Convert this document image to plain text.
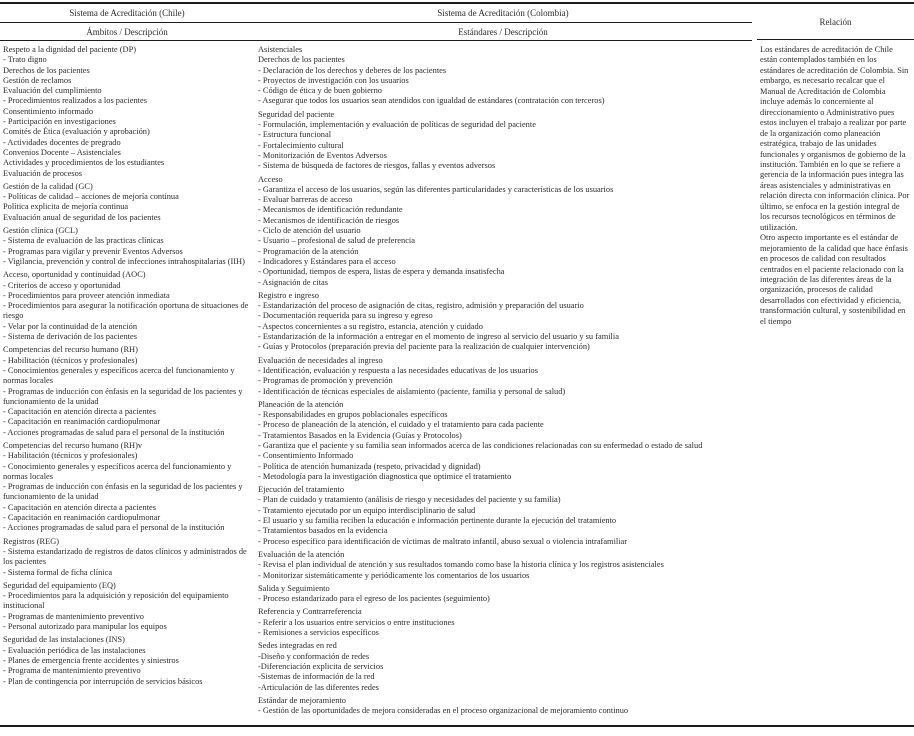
Sistema de Acreditación (Chile)	Sistema de Acreditación (Colombia)
Ámbitos / Descripción	Estándares / Descripción
Relación
Respeto a la dignidad del paciente (DP)
- Trato digno
Derechos de los pacientes
Gestión de reclamos
Evaluación del cumplimiento
- Procedimientos realizados a los pacientes
Consentimiento informado
- Participación en investigaciones
Comités de Ética (evaluación y aprobación)
- Actividades docentes de pregrado
Convenios Docente – Asistenciales
Actividades y procedimientos de los estudiantes
Evaluación de procesos
Gestión de la calidad (GC)
- Políticas de calidad – acciones de mejoría continua
Política explicita de mejoría continua
Evaluación anual de seguridad de los pacientes
Gestión clínica (GCL)
- Sistema de evaluación de las practicas clínicas
- Programas para vigilar y prevenir Eventos Adversos
- Vigilancia, prevención y control de infecciones intrahospitalarias (IIH)
Acceso, oportunidad y continuidad (AOC)
- Criterios de acceso y oportunidad
- Procedimientos para proveer atención inmediata
- Procedimientos para asegurar la notificación oportuna de situaciones de riesgo
- Velar por la continuidad de la atención
- Sistema de derivación de los pacientes
Competencias del recurso humano (RH)
- Habilitación (técnicos y profesionales)
- Conocimientos generales y específicos acerca del funcionamiento y normas locales
- Programas de inducción con énfasis en la seguridad de los pacientes y funcionamiento de la unidad
- Capacitación en atención directa a pacientes
- Capacitación en reanimación cardiopulmonar
- Acciones programadas de salud para el personal de la institución
Competencias del recurso humano (RH)v
- Habilitación (técnicos y profesionales)
- Conocimiento generales y específicos acerca del funcionamiento y normas locales
- Programas de inducción con énfasis en la seguridad de los pacientes y funcionamiento de la unidad
- Capacitación en atención directa a pacientes
- Capacitación en reanimación cardiopulmonar
- Acciones programadas de salud para el personal de la institución
Registros (REG)
- Sistema estandarizado de registros de datos clínicos y administrados de los pacientes
- Sistema formal de ficha clínica
Seguridad del equipamiento (EQ)
- Procedimientos para la adquisición y reposición del equipamiento institucional
- Programas de mantenimiento preventivo
- Personal autorizado para manipular los equipos
Seguridad de las instalaciones (INS)
- Evaluación periódica de las instalaciones
- Planes de emergencia frente accidentes y siniestros
- Programa de mantenimiento preventivo
- Plan de contingencia por interrupción de servicios básicos
Asistenciales
Derechos de los pacientes
- Declaración de los derechos y deberes de los pacientes
- Proyectos de investigación con los usuarios
- Código de ética y de buen gobierno
- Asegurar que todos los usuarios sean atendidos con igualdad de estándares (contratación con terceros)
Seguridad del paciente
- Formulación, implementación y evaluación de políticas de seguridad del paciente
- Estructura funcional
- Fortalecimiento cultural
- Monitorización de Eventos Adversos
- Sistema de búsqueda de factores de riesgos, fallas y eventos adversos
Acceso
- Garantiza el acceso de los usuarios, según las diferentes particularidades y características de los usuarios
- Evaluar barreras de acceso
- Mecanismos de identificación redundante
- Mecanismos de identificación de riesgos
- Ciclo de atención del usuario
- Usuario – profesional de salud de preferencia
- Programación de la atención
- Indicadores y Estándares para el acceso
- Oportunidad, tiempos de espera, listas de espera y demanda insatisfecha
- Asignación de citas
Registro e ingreso
- Estandarización del proceso de asignación de citas, registro, admisión y preparación del usuario
- Documentación requerida para su ingreso y egreso
- Aspectos concernientes a su registro, estancia, atención y cuidado
- Estandarización de la información a entregar en el momento de ingreso al servicio del usuario y su familia
- Guías y Protocolos (preparación previa del paciente para la realización de cualquier intervención)
Evaluación de necesidades al ingreso
- Identificación, evaluación y respuesta a las necesidades educativas de los usuarios
- Programas de promoción y prevención
- Identificación de técnicas especiales de aislamiento (paciente, familia y personal de salud)
Planeación de la atención
- Responsabilidades en grupos poblacionales específicos
- Proceso de planeación de la atención, el cuidado y el tratamiento para cada paciente
- Tratamientos Basados en la Evidencia (Guías y Protocolos)
- Garantiza que el paciente y su familia sean informados acerca de las condiciones relacionadas con su enfermedad o estado de salud
- Consentimiento Informado
- Política de atención humanizada (respeto, privacidad y dignidad)
- Metodología para la investigación diagnostica que optimice el tratamiento
Ejecución del tratamiento
- Plan de cuidado y tratamiento (análisis de riesgo y necesidades del paciente y su familia)
- Tratamiento ejecutado por un equipo interdisciplinario de salud
- El usuario y su familia reciben la educación e información pertinente durante la ejecución del tratamiento
- Tratamientos basados en la evidencia
- Proceso específico para identificación de víctimas de maltrato infantil, abuso sexual o violencia intrafamiliar
Evaluación de la atención
- Revisa el plan individual de atención y sus resultados tomando como base la historia clínica y los registros asistenciales
- Monitorizar sistemáticamente y periódicamente los comentarios de los usuarios
Salida y Seguimiento
- Proceso estandarizado para el egreso de los pacientes (seguimiento)
Referencia y Contrarreferencia
- Referir a los usuarios entre servicios o entre instituciones
- Remisiones a servicios específicos
Sedes integradas en red
-Diseño y conformación de redes
-Diferenciación explicita de servicios
-Sistemas de información de la red
-Articulación de las diferentes redes
Estándar de mejoramiento
- Gestión de las oportunidades de mejora consideradas en el proceso organizacional de mejoramiento continuo
Los estándares de acreditación de Chile están contemplados también en los estándares de acreditación de Colombia. Sin embargo, es necesario recalcar que el Manual de Acreditación de Colombia incluye además lo concerniente al direccionamiento o Administrativo pues estos incluyen el trabajo a realizar por parte de la organización como planeación estratégica, trabajo de las unidades funcionales y organismos de gobierno de la institución. También en lo que se refiere a gerencia de la información pues integra las áreas asistenciales y administrativas en relación directa con información clínica. Por último, se enfoca en la gestión integral de los recursos tecnológicos en términos de utilización.
Otro aspecto importante es el estándar de mejoramiento de la calidad que hace énfasis en procesos de calidad con resultados centrados en el paciente relacionado con la integración de las diferentes áreas de la organización, procesos de calidad desarrollados con efectividad y eficiencia, transformación cultural, y sostenibilidad en el tiempo
